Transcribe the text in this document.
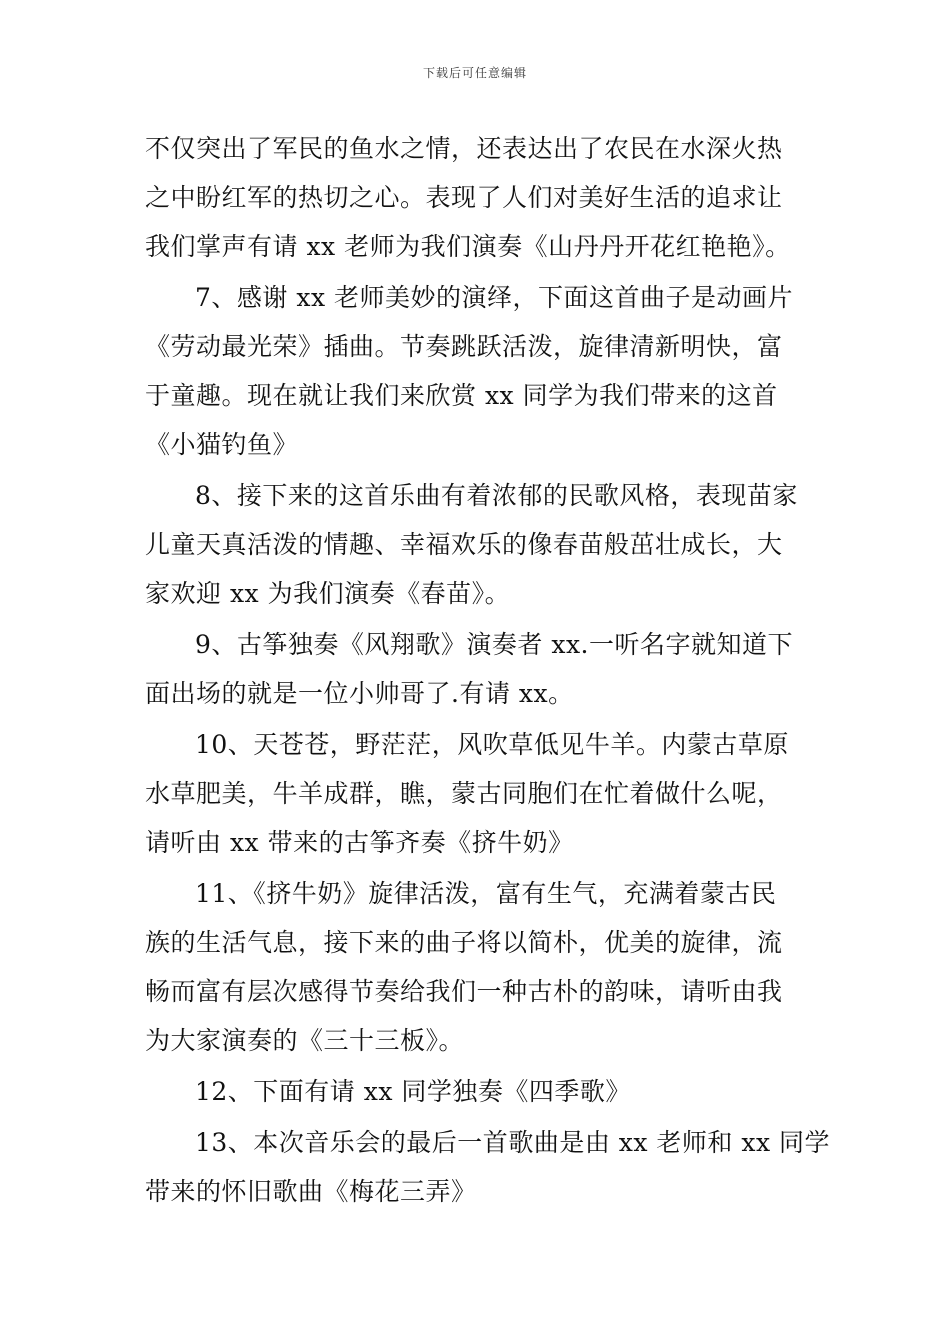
下载后可任意编辑

不仅突出了军民的鱼水之情，还表达出了农民在水深火热
之中盼红军的热切之心。表现了人们对美好生活的追求让
我们掌声有请 xx 老师为我们演奏《山丹丹开花红艳艳》。

7、感谢 xx 老师美妙的演绎，下面这首曲子是动画片
《劳动最光荣》插曲。节奏跳跃活泼，旋律清新明快，富
于童趣。现在就让我们来欣赏 xx 同学为我们带来的这首
《小猫钓鱼》

8、接下来的这首乐曲有着浓郁的民歌风格，表现苗家
儿童天真活泼的情趣、幸福欢乐的像春苗般茁壮成长，大
家欢迎 xx 为我们演奏《春苗》。

9、古筝独奏《风翔歌》演奏者 xx.一听名字就知道下
面出场的就是一位小帅哥了.有请 xx。

10、天苍苍，野茫茫，风吹草低见牛羊。内蒙古草原
水草肥美，牛羊成群，瞧，蒙古同胞们在忙着做什么呢，
请听由 xx 带来的古筝齐奏《挤牛奶》

11、《挤牛奶》旋律活泼，富有生气，充满着蒙古民
族的生活气息，接下来的曲子将以简朴，优美的旋律，流
畅而富有层次感得节奏给我们一种古朴的韵味，请听由我
为大家演奏的《三十三板》。

12、下面有请 xx 同学独奏《四季歌》

13、本次音乐会的最后一首歌曲是由 xx 老师和 xx 同学
带来的怀旧歌曲《梅花三弄》
